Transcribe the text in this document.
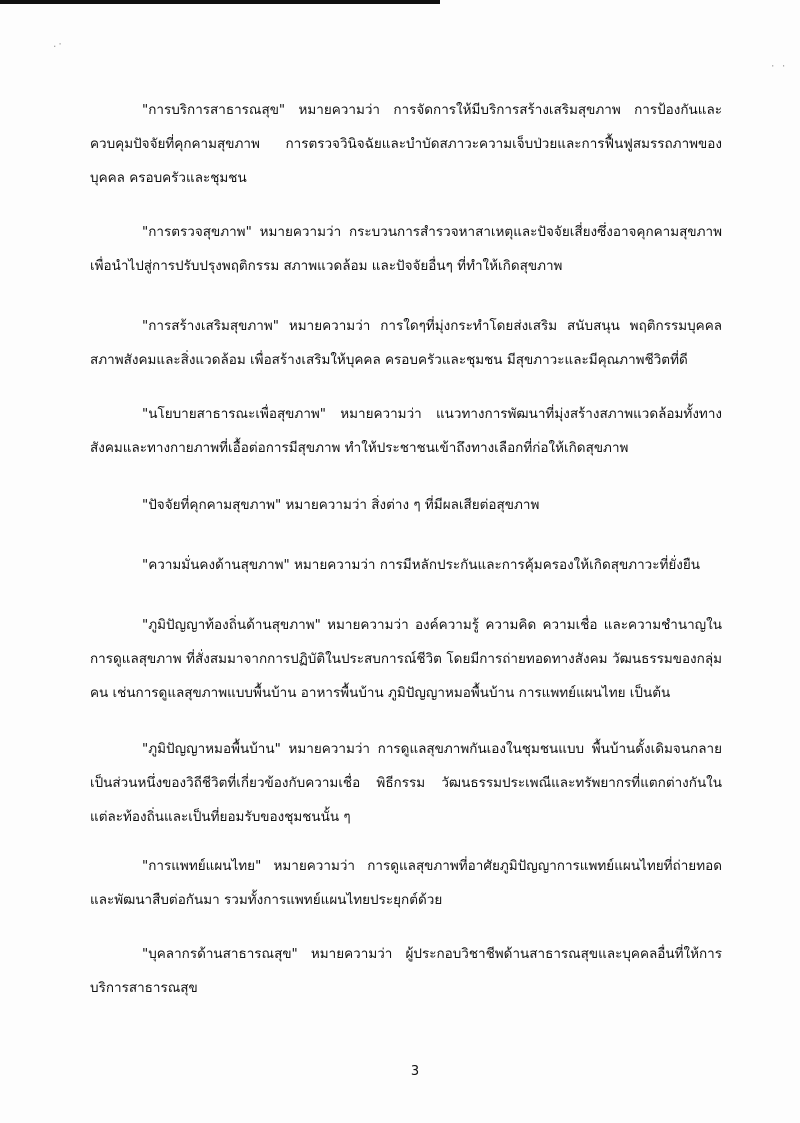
.·
· ·

"การบริการสาธารณสุข" หมายความว่า การจัดการให้มีบริการสร้างเสริมสุขภาพ การป้องกันและควบคุมปัจจัยที่คุกคามสุขภาพ การตรวจวินิจฉัยและบำบัดสภาวะความเจ็บป่วยและการฟื้นฟูสมรรถภาพของบุคคล ครอบครัวและชุมชน

"การตรวจสุขภาพ" หมายความว่า กระบวนการสำรวจหาสาเหตุและปัจจัยเสี่ยงซึ่งอาจคุกคามสุขภาพเพื่อนำไปสู่การปรับปรุงพฤติกรรม สภาพแวดล้อม และปัจจัยอื่นๆ ที่ทำให้เกิดสุขภาพ

"การสร้างเสริมสุขภาพ" หมายความว่า การใดๆที่มุ่งกระทำโดยส่งเสริม สนับสนุน พฤติกรรมบุคคล สภาพสังคมและสิ่งแวดล้อม เพื่อสร้างเสริมให้บุคคล ครอบครัวและชุมชน มีสุขภาวะและมีคุณภาพชีวิตที่ดี

"นโยบายสาธารณะเพื่อสุขภาพ" หมายความว่า แนวทางการพัฒนาที่มุ่งสร้างสภาพแวดล้อมทั้งทางสังคมและทางกายภาพที่เอื้อต่อการมีสุขภาพ ทำให้ประชาชนเข้าถึงทางเลือกที่ก่อให้เกิดสุขภาพ

"ปัจจัยที่คุกคามสุขภาพ" หมายความว่า สิ่งต่าง ๆ ที่มีผลเสียต่อสุขภาพ

"ความมั่นคงด้านสุขภาพ" หมายความว่า การมีหลักประกันและการคุ้มครองให้เกิดสุขภาวะที่ยั่งยืน

"ภูมิปัญญาท้องถิ่นด้านสุขภาพ" หมายความว่า องค์ความรู้ ความคิด ความเชื่อ และความชำนาญในการดูแลสุขภาพ ที่สั่งสมมาจากการปฏิบัติในประสบการณ์ชีวิต โดยมีการถ่ายทอดทางสังคม วัฒนธรรมของกลุ่มคน เช่นการดูแลสุขภาพแบบพื้นบ้าน อาหารพื้นบ้าน ภูมิปัญญาหมอพื้นบ้าน การแพทย์แผนไทย เป็นต้น

"ภูมิปัญญาหมอพื้นบ้าน" หมายความว่า การดูแลสุขภาพกันเองในชุมชนแบบ พื้นบ้านดั้งเดิมจนกลายเป็นส่วนหนึ่งของวิถีชีวิตที่เกี่ยวข้องกับความเชื่อ พิธีกรรม วัฒนธรรมประเพณีและทรัพยากรที่แตกต่างกันในแต่ละท้องถิ่นและเป็นที่ยอมรับของชุมชนนั้น ๆ

"การแพทย์แผนไทย" หมายความว่า การดูแลสุขภาพที่อาศัยภูมิปัญญาการแพทย์แผนไทยที่ถ่ายทอดและพัฒนาสืบต่อกันมา รวมทั้งการแพทย์แผนไทยประยุกต์ด้วย

"บุคลากรด้านสาธารณสุข" หมายความว่า ผู้ประกอบวิชาชีพด้านสาธารณสุขและบุคคลอื่นที่ให้การบริการสาธารณสุข

3
